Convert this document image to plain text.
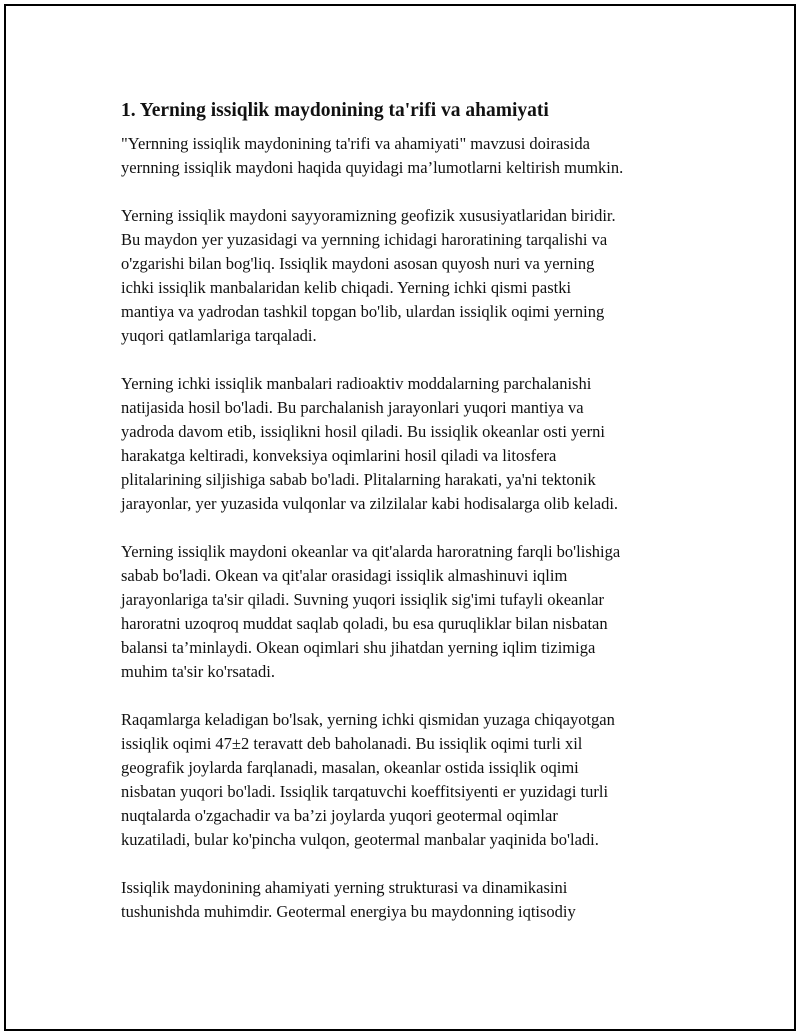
1. Yerning issiqlik maydonining ta'rifi va ahamiyati

"Yernning issiqlik maydonining ta'rifi va ahamiyati" mavzusi doirasida
yernning issiqlik maydoni haqida quyidagi ma’lumotlarni keltirish mumkin.

Yerning issiqlik maydoni sayyoramizning geofizik xususiyatlaridan biridir.
Bu maydon yer yuzasidagi va yernning ichidagi haroratining tarqalishi va
o'zgarishi bilan bog'liq. Issiqlik maydoni asosan quyosh nuri va yerning
ichki issiqlik manbalaridan kelib chiqadi. Yerning ichki qismi pastki
mantiya va yadrodan tashkil topgan bo'lib, ulardan issiqlik oqimi yerning
yuqori qatlamlariga tarqaladi.

Yerning ichki issiqlik manbalari radioaktiv moddalarning parchalanishi
natijasida hosil bo'ladi. Bu parchalanish jarayonlari yuqori mantiya va
yadroda davom etib, issiqlikni hosil qiladi. Bu issiqlik okeanlar osti yerni
harakatga keltiradi, konveksiya oqimlarini hosil qiladi va litosfera
plitalarining siljishiga sabab bo'ladi. Plitalarning harakati, ya'ni tektonik
jarayonlar, yer yuzasida vulqonlar va zilzilalar kabi hodisalarga olib keladi.

Yerning issiqlik maydoni okeanlar va qit'alarda haroratning farqli bo'lishiga
sabab bo'ladi. Okean va qit'alar orasidagi issiqlik almashinuvi iqlim
jarayonlariga ta'sir qiladi. Suvning yuqori issiqlik sig'imi tufayli okeanlar
haroratni uzoqroq muddat saqlab qoladi, bu esa quruqliklar bilan nisbatan
balansi ta’minlaydi. Okean oqimlari shu jihatdan yerning iqlim tizimiga
muhim ta'sir ko'rsatadi.

Raqamlarga keladigan bo'lsak, yerning ichki qismidan yuzaga chiqayotgan
issiqlik oqimi 47±2 teravatt deb baholanadi. Bu issiqlik oqimi turli xil
geografik joylarda farqlanadi, masalan, okeanlar ostida issiqlik oqimi
nisbatan yuqori bo'ladi. Issiqlik tarqatuvchi koeffitsiyenti er yuzidagi turli
nuqtalarda o'zgachadir va ba’zi joylarda yuqori geotermal oqimlar
kuzatiladi, bular ko'pincha vulqon, geotermal manbalar yaqinida bo'ladi.

Issiqlik maydonining ahamiyati yerning strukturasi va dinamikasini
tushunishda muhimdir. Geotermal energiya bu maydonning iqtisodiy
